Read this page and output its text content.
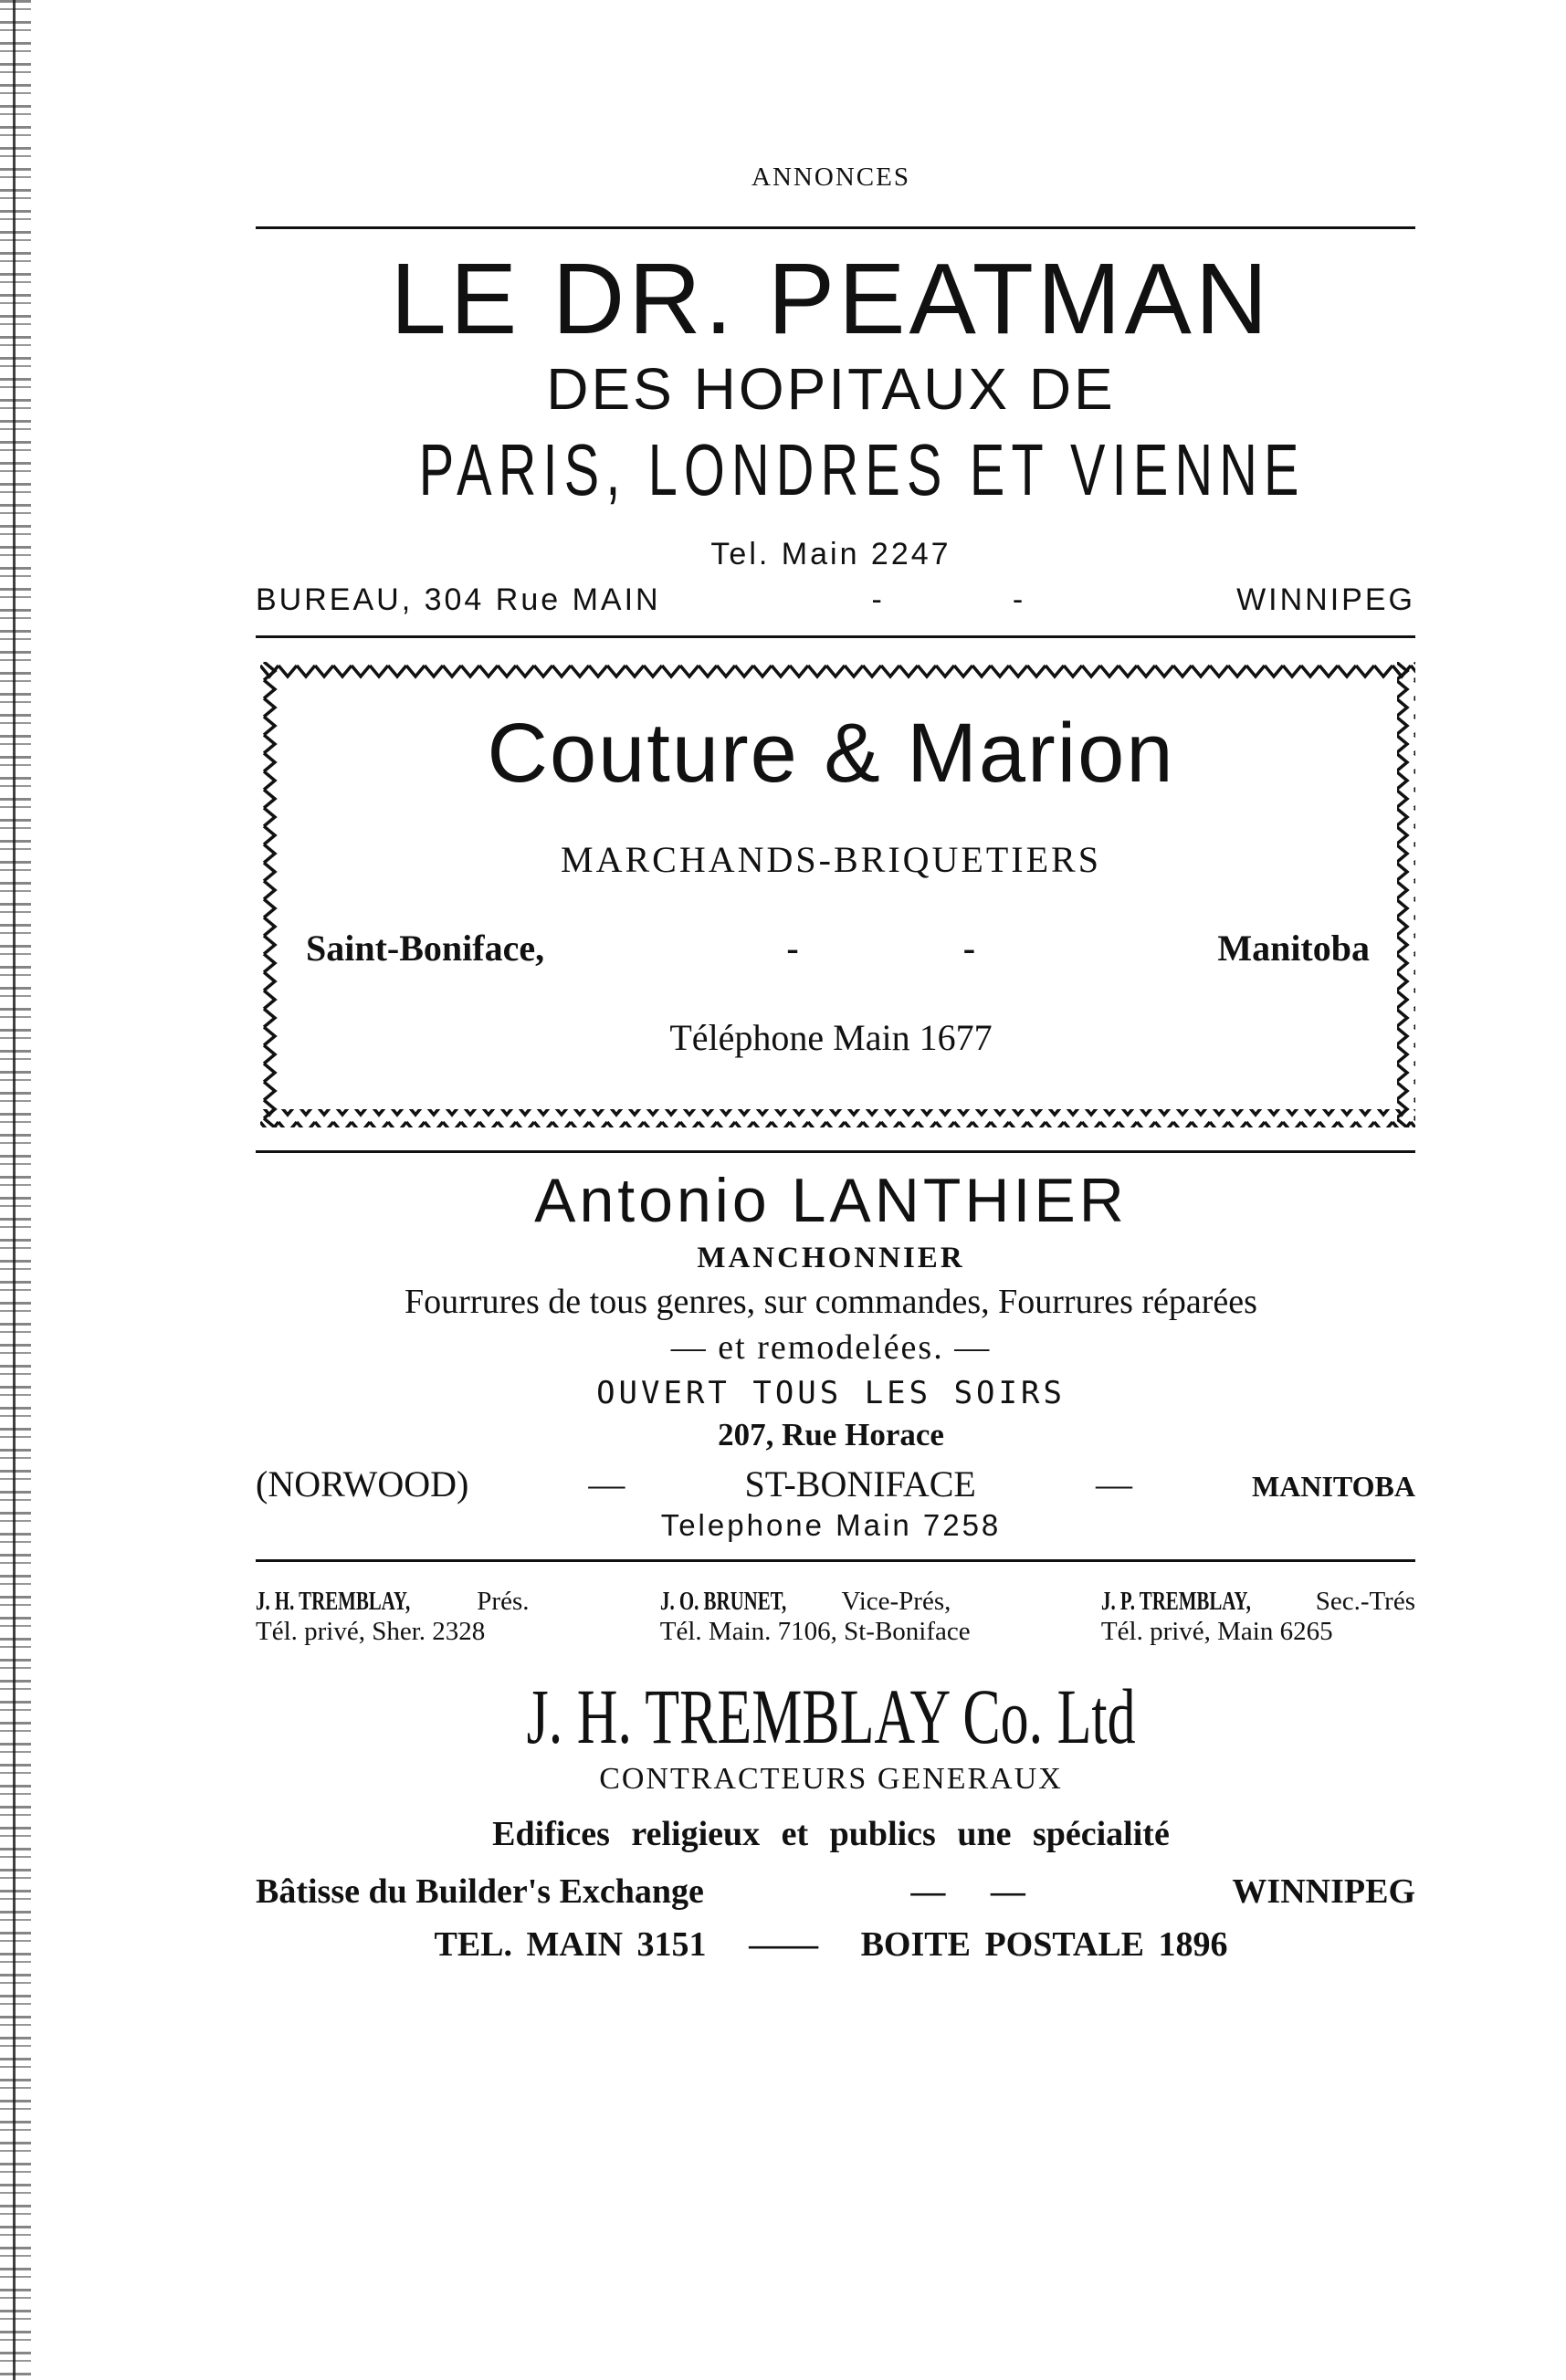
ANNONCES
LE DR. PEATMAN
DES HOPITAUX DE
PARIS, LONDRES ET VIENNE
Tel. Main 2247
BUREAU, 304 Rue MAIN	-	-	WINNIPEG
Couture & Marion
MARCHANDS-BRIQUETIERS
Saint-Boniface,	-	-	Manitoba
Téléphone Main 1677
Antonio LANTHIER
MANCHONNIER
Fourrures de tous genres, sur commandes, Fourrures réparées
— et remodelées. —
OUVERT TOUS LES SOIRS
207, Rue Horace
(NORWOOD)	—	ST-BONIFACE	—	MANITOBA
Telephone Main 7258
J. H. TREMBLAY,	Prés.
Tél. privé, Sher. 2328
J. O. BRUNET, Vice-Prés,
Tél. Main. 7106, St-Boniface
J. P. TREMBLAY, Sec.-Trés
Tél. privé, Main 6265
J. H. TREMBLAY Co. Ltd
CONTRACTEURS GENERAUX
Edifices religieux et publics une spécialité
Bâtisse du Builder's Exchange	— —	WINNIPEG
TEL. MAIN 3151 —— BOITE POSTALE 1896
